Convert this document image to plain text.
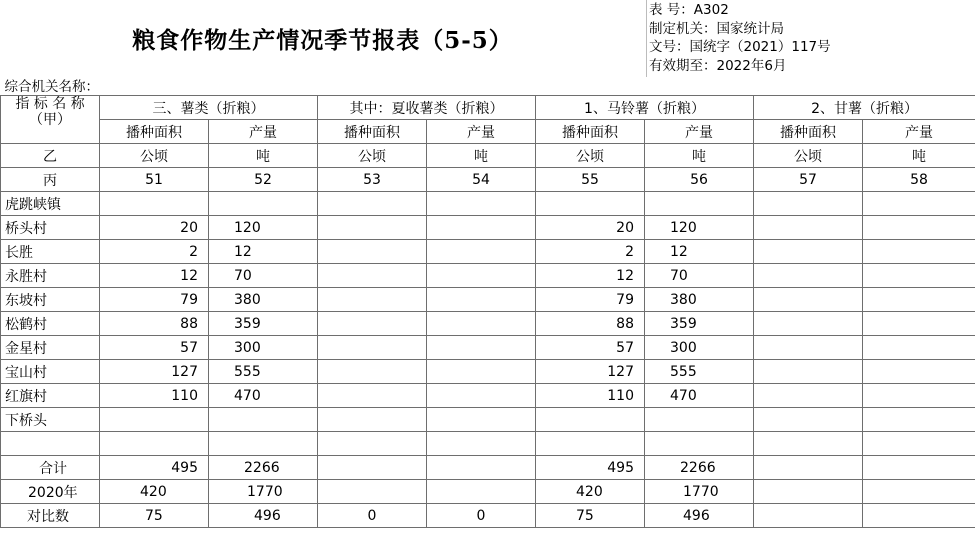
粮食作物生产情况季节报表（5-5）
表 号：A302
制定机关：国家统计局
文号：国统字（2021）117号
有效期至：2022年6月
综合机关名称：								
指 标 名 称（甲）	三、薯类（折粮）		其中：夏收薯类（折粮）		1、马铃薯（折粮）		2、甘薯（折粮）	
	播种面积	产量	播种面积	产量	播种面积	产量	播种面积	产量
乙	公顷	吨	公顷	吨	公顷	吨	公顷	吨
丙	51	52	53	54	55	56	57	58
虎跳峡镇								
桥头村	20	120			20	120		
长胜	2	12			2	12		
永胜村	12	70			12	70		
东坡村	79	380			79	380		
松鹤村	88	359			88	359		
金星村	57	300			57	300		
宝山村	127	555			127	555		
红旗村	110	470			110	470		
下桥头								

合计	495	2266			495	2266		
2020年	420	1770			420	1770		
对比数	75	496	0	0	75	496		
